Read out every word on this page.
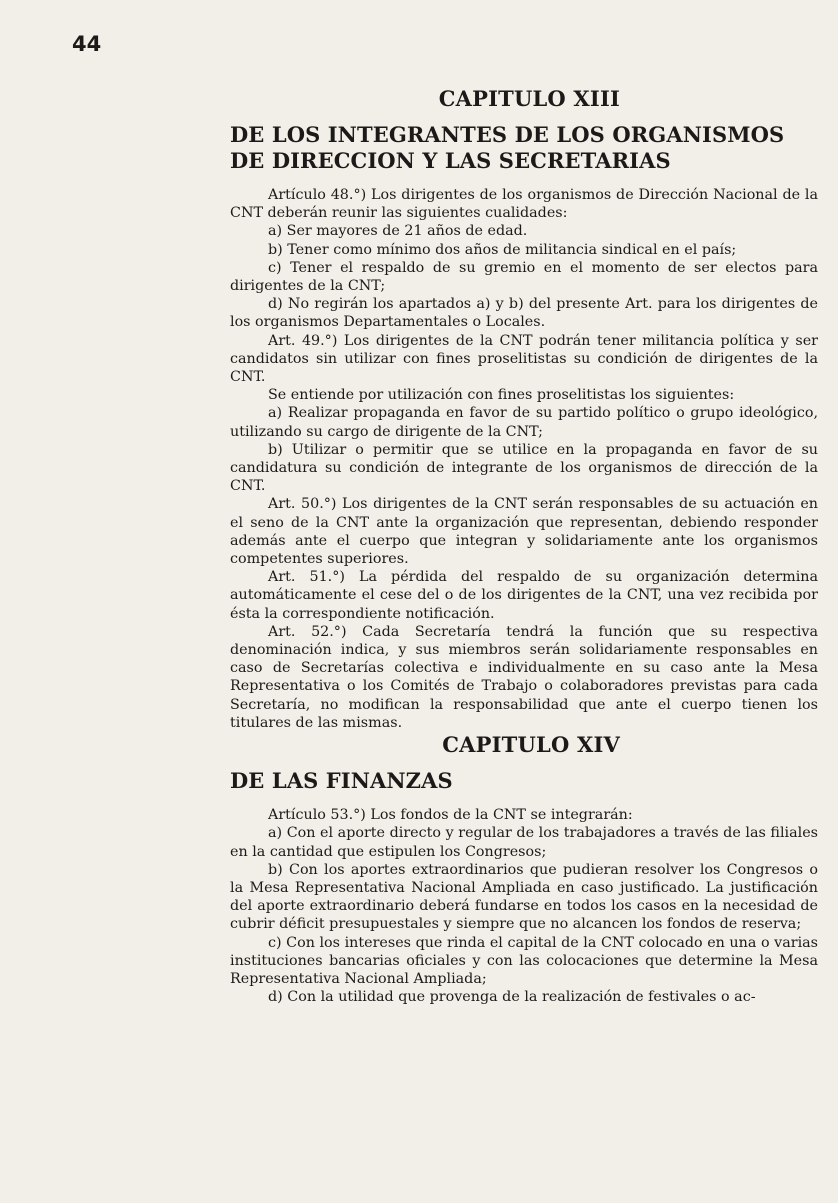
44
CAPITULO XIII
DE LOS INTEGRANTES DE LOS ORGANISMOS DE DIRECCION Y LAS SECRETARIAS

Artículo 48.°) Los dirigentes de los organismos de Dirección Nacional de la CNT deberán reunir las siguientes cualidades:

a) Ser mayores de 21 años de edad.

b) Tener como mínimo dos años de militancia sindical en el país;

c) Tener el respaldo de su gremio en el momento de ser electos para dirigentes de la CNT;

d) No regirán los apartados a) y b) del presente Art. para los dirigentes de los organismos Departamentales o Locales.

Art. 49.°) Los dirigentes de la CNT podrán tener militancia política y ser candidatos sin utilizar con fines proselitistas su condición de dirigentes de la CNT.

Se entiende por utilización con fines proselitistas los siguientes:

a) Realizar propaganda en favor de su partido político o grupo ideológico, utilizando su cargo de dirigente de la CNT;

b) Utilizar o permitir que se utilice en la propaganda en favor de su candidatura su condición de integrante de los organismos de dirección de la CNT.

Art. 50.°) Los dirigentes de la CNT serán responsables de su actuación en el seno de la CNT ante la organización que representan, debiendo responder además ante el cuerpo que integran y solidariamente ante los organismos competentes superiores.

Art. 51.°) La pérdida del respaldo de su organización determina automáticamente el cese del o de los dirigentes de la CNT, una vez recibida por ésta la correspondiente notificación.

Art. 52.°) Cada Secretaría tendrá la función que su respectiva denominación indica, y sus miembros serán solidariamente responsables en caso de Secretarías colectiva e individualmente en su caso ante la Mesa Representativa o los Comités de Trabajo o colaboradores previstas para cada Secretaría, no modifican la responsabilidad que ante el cuerpo tienen los titulares de las mismas.

CAPITULO XIV
DE LAS FINANZAS

Artículo 53.°) Los fondos de la CNT se integrarán:

a) Con el aporte directo y regular de los trabajadores a través de las filiales en la cantidad que estipulen los Congresos;

b) Con los aportes extraordinarios que pudieran resolver los Congresos o la Mesa Representativa Nacional Ampliada en caso justificado. La justificación del aporte extraordinario deberá fundarse en todos los casos en la necesidad de cubrir déficit presupuestales y siempre que no alcancen los fondos de reserva;

c) Con los intereses que rinda el capital de la CNT colocado en una o varias instituciones bancarias oficiales y con las colocaciones que determine la Mesa Representativa Nacional Ampliada;

d) Con la utilidad que provenga de la realización de festivales o ac-
